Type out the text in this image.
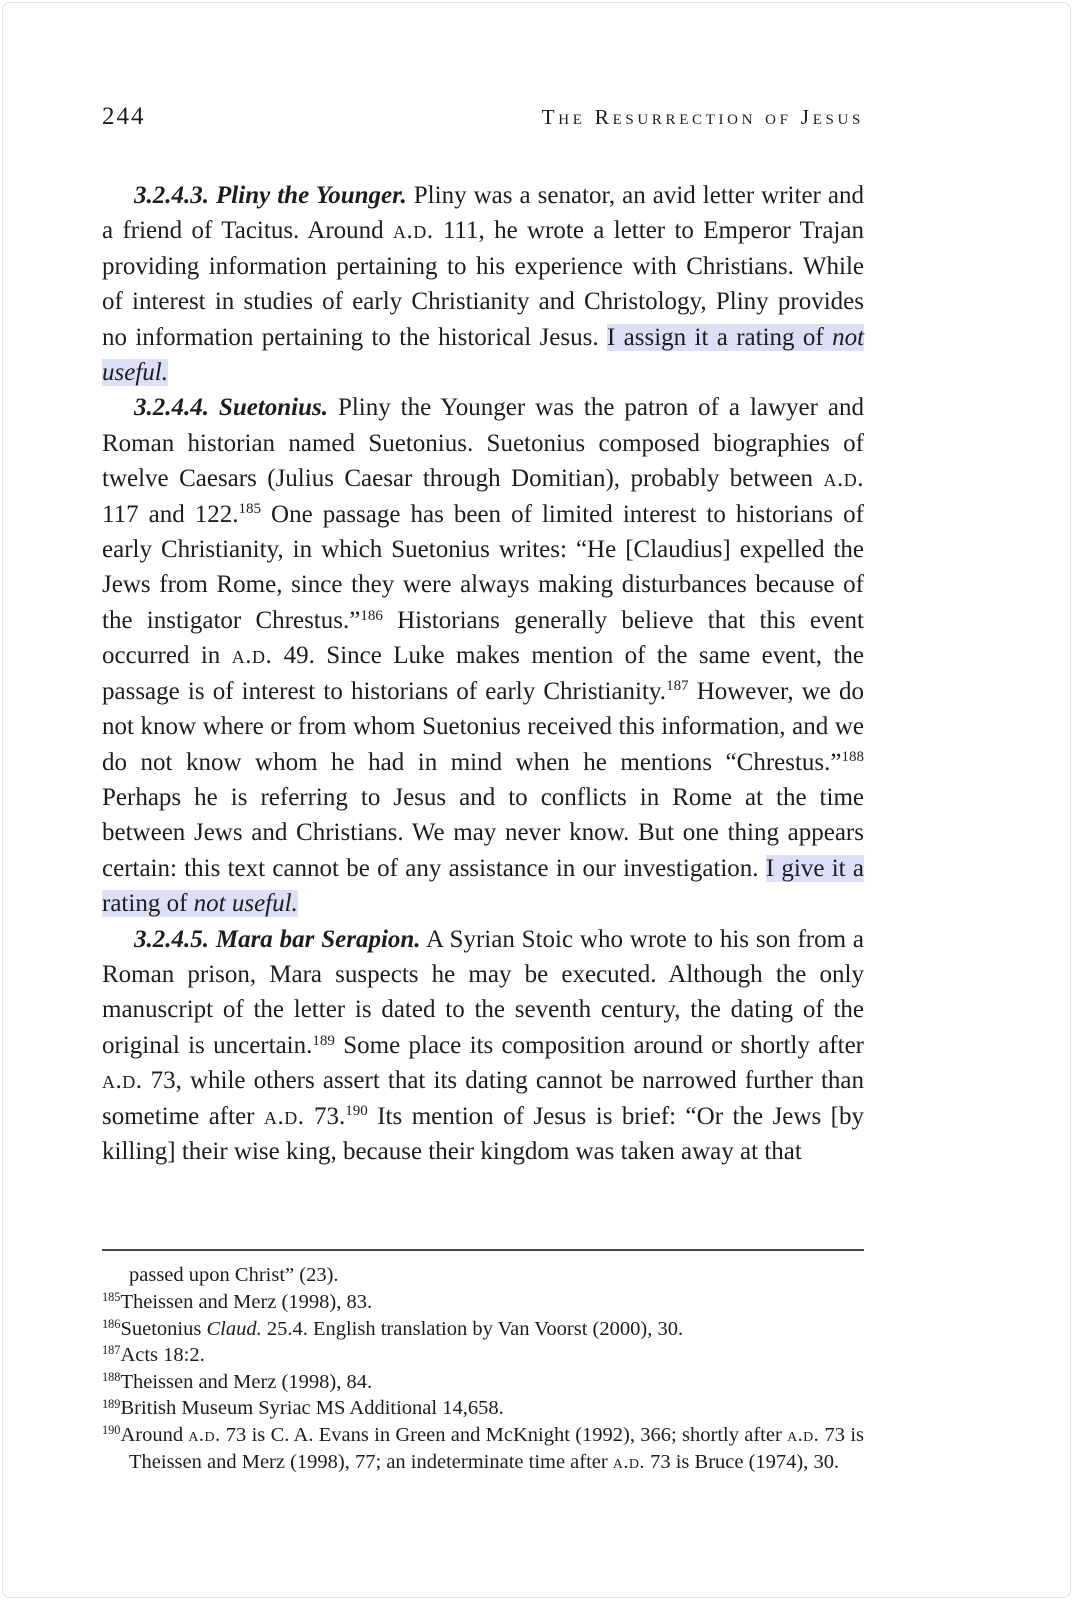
244	The Resurrection of Jesus
3.2.4.3. Pliny the Younger. Pliny was a senator, an avid letter writer and a friend of Tacitus. Around a.d. 111, he wrote a letter to Emperor Trajan providing information pertaining to his experience with Christians. While of interest in studies of early Christianity and Christology, Pliny provides no information pertaining to the historical Jesus. I assign it a rating of not useful.
3.2.4.4. Suetonius. Pliny the Younger was the patron of a lawyer and Roman historian named Suetonius. Suetonius composed biographies of twelve Caesars (Julius Caesar through Domitian), probably between a.d. 117 and 122.$^{185}$ One passage has been of limited interest to historians of early Christianity, in which Suetonius writes: “He [Claudius] expelled the Jews from Rome, since they were always making disturbances because of the instigator Chrestus.”$^{186}$ Historians generally believe that this event occurred in a.d. 49. Since Luke makes mention of the same event, the passage is of interest to historians of early Christianity.$^{187}$ However, we do not know where or from whom Suetonius received this information, and we do not know whom he had in mind when he mentions “Chrestus.”$^{188}$ Perhaps he is referring to Jesus and to conflicts in Rome at the time between Jews and Christians. We may never know. But one thing appears certain: this text cannot be of any assistance in our investigation. I give it a rating of not useful.
3.2.4.5. Mara bar Serapion. A Syrian Stoic who wrote to his son from a Roman prison, Mara suspects he may be executed. Although the only manuscript of the letter is dated to the seventh century, the dating of the original is uncertain.$^{189}$ Some place its composition around or shortly after a.d. 73, while others assert that its dating cannot be narrowed further than sometime after a.d. 73.$^{190}$ Its mention of Jesus is brief: “Or the Jews [by killing] their wise king, because their kingdom was taken away at that
passed upon Christ” (23).
$^{185}$Theissen and Merz (1998), 83.
$^{186}$Suetonius Claud. 25.4. English translation by Van Voorst (2000), 30.
$^{187}$Acts 18:2.
$^{188}$Theissen and Merz (1998), 84.
$^{189}$British Museum Syriac MS Additional 14,658.
$^{190}$Around a.d. 73 is C. A. Evans in Green and McKnight (1992), 366; shortly after a.d. 73 is Theissen and Merz (1998), 77; an indeterminate time after a.d. 73 is Bruce (1974), 30.
